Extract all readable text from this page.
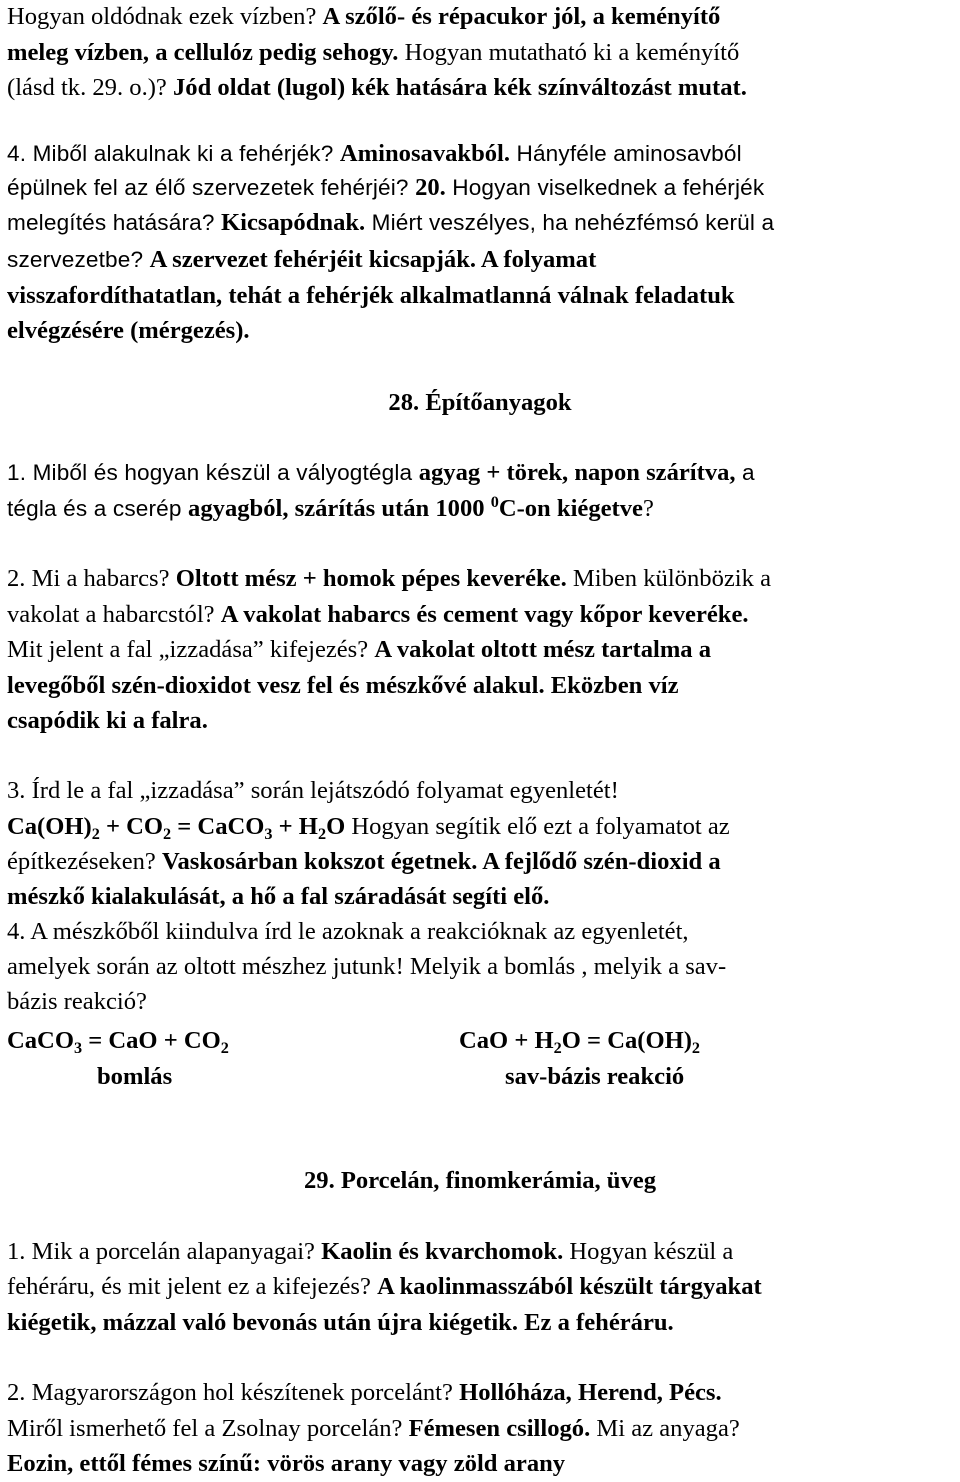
Hogyan oldódnak ezek vízben? A szőlő- és répacukor jól, a keményítő
meleg vízben, a cellulóz pedig sehogy. Hogyan mutatható ki a keményítő
(lásd tk. 29. o.)? Jód oldat (lugol) kék hatására kék színváltozást mutat.
4. Miből alakulnak ki a fehérjék? Aminosavakból. Hányféle aminosavból
épülnek fel az élő szervezetek fehérjéi? 20. Hogyan viselkednek a fehérjék
melegítés hatására? Kicsapódnak. Miért veszélyes, ha nehézfémsó kerül a
szervezetbe? A szervezet fehérjéit kicsapják. A folyamat
visszafordíthatatlan, tehát a fehérjék alkalmatlanná válnak feladatuk
elvégzésére (mérgezés).
28. Építőanyagok
1. Miből és hogyan készül a vályogtégla agyag + törek, napon szárítva, a
tégla és a cserép agyagból, szárítás után 1000 $^0$C-on kiégetve?
2. Mi a habarcs? Oltott mész + homok pépes keveréke. Miben különbözik a
vakolat a habarcstól? A vakolat habarcs és cement vagy kőpor keveréke.
Mit jelent a fal „izzadása” kifejezés? A vakolat oltott mész tartalma a
levegőből szén-dioxidot vesz fel és mészkővé alakul. Eközben víz
csapódik ki a falra.
3. Írd le a fal „izzadása” során lejátszódó folyamat egyenletét!
$Ca(OH)_2 + CO_2$ = CaCO$_3$ + $H_2O$ Hogyan segítik elő ezt a folyamatot az
építkezéseken? Vaskosárban kokszot égetnek. A fejlődő szén-dioxid a
mészkő kialakulását, a hő a fal száradását segíti elő.
4. A mészkőből kiindulva írd le azoknak a reakcióknak az egyenletét,
amelyek során az oltott mészhez jutunk! Melyik a bomlás , melyik a sav-
bázis reakció?
CaCO$_3$ = CaO + $CO_2$	CaO + $H_2O = Ca(OH)_2$
bomlás	sav-bázis reakció
29. Porcelán, finomkerámia, üveg
1. Mik a porcelán alapanyagai? Kaolin és kvarchomok. Hogyan készül a
fehéráru, és mit jelent ez a kifejezés? A kaolinmasszából készült tárgyakat
kiégetik, mázzal való bevonás után újra kiégetik. Ez a fehéráru.
2. Magyarországon hol készítenek porcelánt? Hollóháza, Herend, Pécs.
Miről ismerhető fel a Zsolnay porcelán? Fémesen csillogó. Mi az anyaga?
Eozin, ettől fémes színű: vörös arany vagy zöld arany
